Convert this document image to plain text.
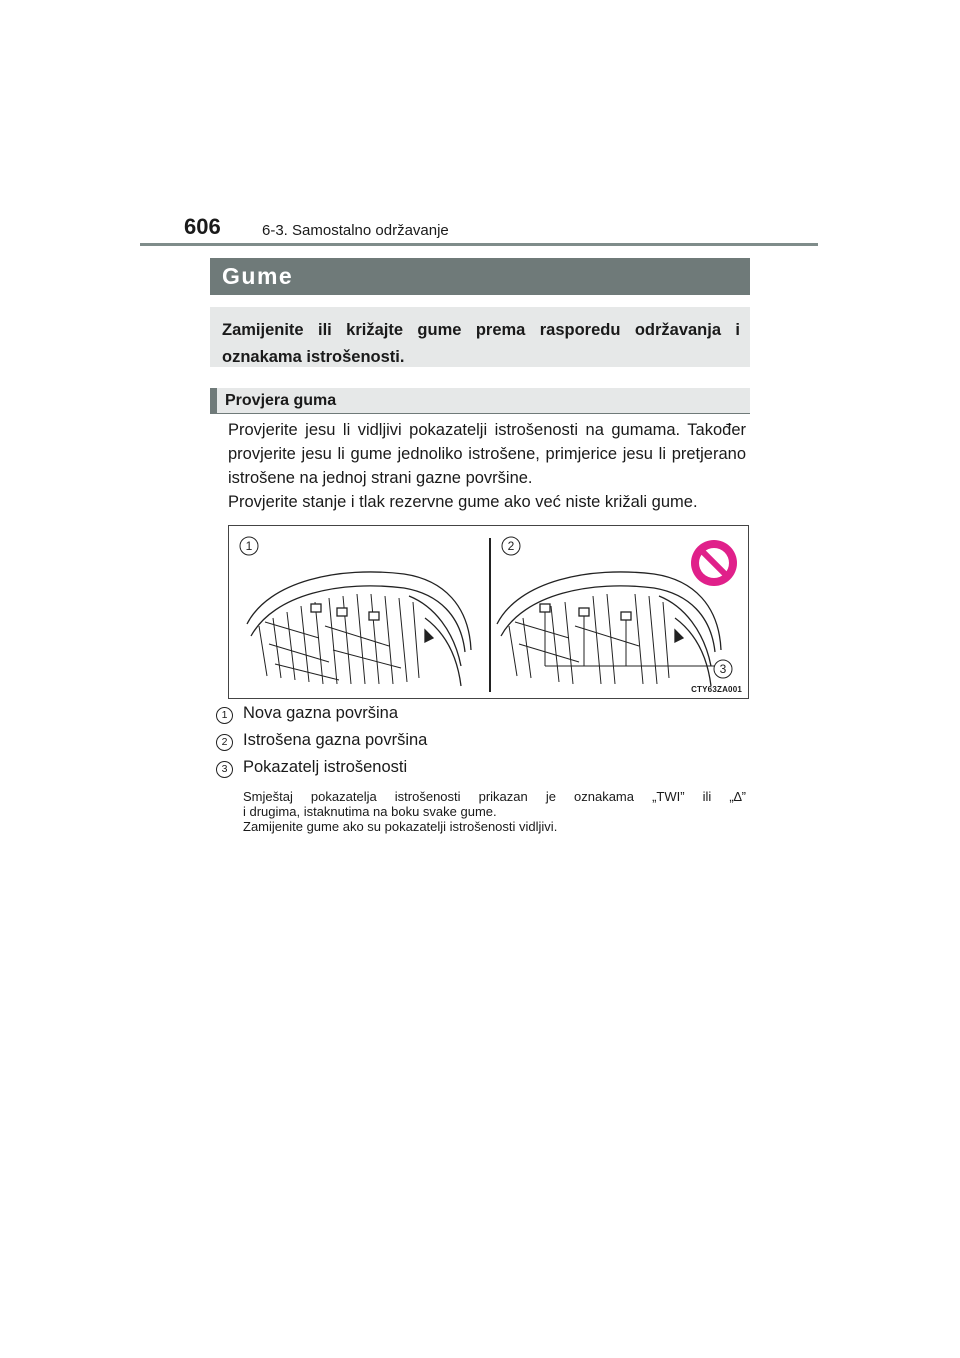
606	6-3. Samostalno održavanje
Gume
Zamijenite ili križajte gume prema rasporedu održavanja i oznakama istrošenosti.
Provjera guma
Provjerite jesu li vidljivi pokazatelji istrošenosti na gumama. Također provjerite jesu li gume jednoliko istrošene, primjerice jesu li pretjerano istrošene na jednoj strani gazne površine.
Provjerite stanje i tlak rezervne gume ako već niste križali gume.
1	2
3
CTY63ZA001
1 Nova gazna površina
2 Istrošena gazna površina
3 Pokazatelj istrošenosti
Smještaj pokazatelja istrošenosti prikazan je oznakama „TWI” ili „∆”
i drugima, istaknutima na boku svake gume.
Zamijenite gume ako su pokazatelji istrošenosti vidljivi.
